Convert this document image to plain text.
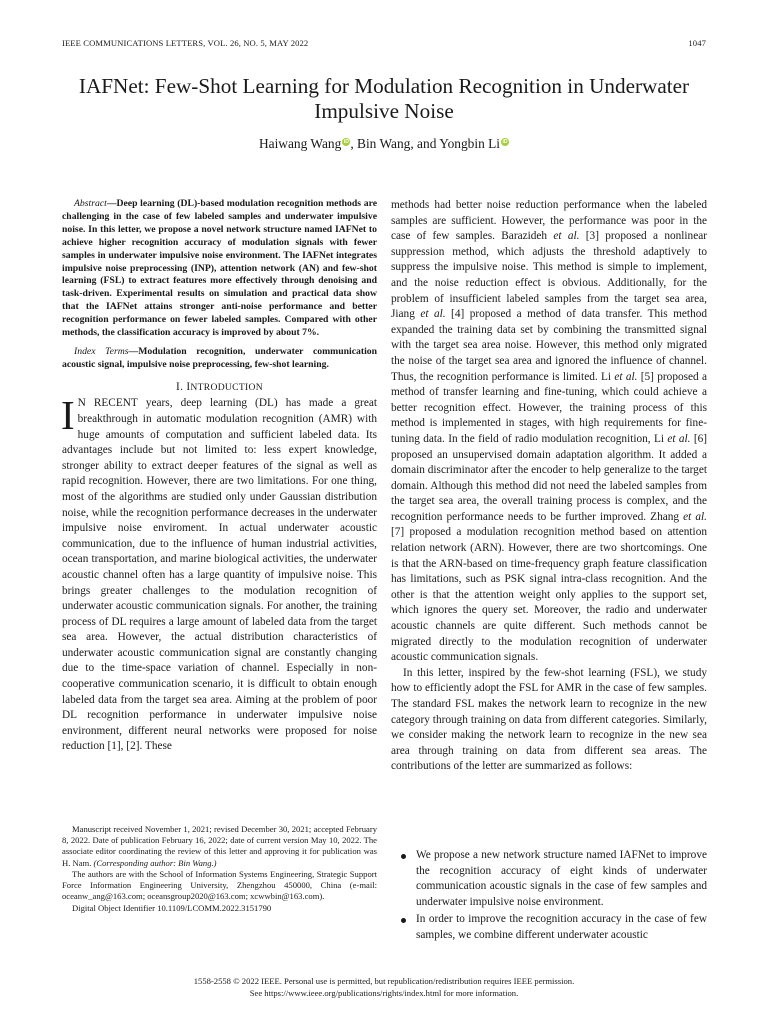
IEEE COMMUNICATIONS LETTERS, VOL. 26, NO. 5, MAY 2022	1047
IAFNet: Few-Shot Learning for Modulation Recognition in Underwater
Impulsive Noise
Haiwang Wang iD , Bin Wang, and Yongbin Li iD
Abstract—Deep learning (DL)-based modulation recognition methods are challenging in the case of few labeled samples and underwater impulsive noise. In this letter, we propose a novel network structure named IAFNet to achieve higher recognition accuracy of modulation signals with fewer samples in underwater impulsive noise environment. The IAFNet integrates impulsive noise preprocessing (INP), attention network (AN) and few-shot learning (FSL) to extract features more effectively through denoising and task-driven. Experimental results on simulation and practical data show that the IAFNet attains stronger anti-noise performance and better recognition performance on fewer labeled samples. Compared with other methods, the classification accuracy is improved by about 7%.
Index Terms—Modulation recognition, underwater communication acoustic signal, impulsive noise preprocessing, few-shot learning.
I. INTRODUCTION
I N RECENT years, deep learning (DL) has made a great breakthrough in automatic modulation recognition (AMR) with huge amounts of computation and sufficient labeled data. Its advantages include but not limited to: less expert knowledge, stronger ability to extract deeper features of the signal as well as rapid recognition. However, there are two limitations. For one thing, most of the algorithms are studied only under Gaussian distribution noise, while the recognition performance decreases in the underwater impulsive noise enviroment. In actual underwater acoustic communication, due to the influence of human industrial activities, ocean transportation, and marine biological activities, the underwater acoustic channel often has a large quantity of impulsive noise. This brings greater challenges to the modulation recognition of underwater acoustic communication signals. For another, the training process of DL requires a large amount of labeled data from the target sea area. However, the actual distribution characteristics of underwater acoustic communication signal are constantly changing due to the time-space variation of channel. Especially in non-cooperative communication scenario, it is difficult to obtain enough labeled data from the target sea area. Aiming at the problem of poor DL recognition performance in underwater impulsive noise environment, different neural networks were proposed for noise reduction [1], [2]. These

Manuscript received November 1, 2021; revised December 30, 2021; accepted February 8, 2022. Date of publication February 16, 2022; date of current version May 10, 2022. The associate editor coordinating the review of this letter and approving it for publication was H. Nam. (Corresponding author: Bin Wang.)

The authors are with the School of Information Systems Engineering, Strategic Support Force Information Engineering University, Zhengzhou 450000, China (e-mail: oceanw_ang@163.com; oceansgroup2020@163.com; xcwwbin@163.com).

Digital Object Identifier 10.1109/LCOMM.2022.3151790

methods had better noise reduction performance when the labeled samples are sufficient. However, the performance was poor in the case of few samples. Barazideh et al. [3] proposed a nonlinear suppression method, which adjusts the threshold adaptively to suppress the impulsive noise. This method is simple to implement, and the noise reduction effect is obvious. Additionally, for the problem of insufficient labeled samples from the target sea area, Jiang et al. [4] proposed a method of data transfer. This method expanded the training data set by combining the transmitted signal with the target sea area noise. However, this method only migrated the noise of the target sea area and ignored the influence of channel. Thus, the recognition performance is limited. Li et al. [5] proposed a method of transfer learning and fine-tuning, which could achieve a better recognition effect. However, the training process of this method is implemented in stages, with high requirements for fine-tuning data. In the field of radio modulation recognition, Li et al. [6] proposed an unsupervised domain adaptation algorithm. It added a domain discriminator after the encoder to help generalize to the target domain. Although this method did not need the labeled samples from the target sea area, the overall training process is complex, and the recognition performance needs to be further improved. Zhang et al. [7] proposed a modulation recognition method based on attention relation network (ARN). However, there are two shortcomings. One is that the ARN-based on time-frequency graph feature classification has limitations, such as PSK signal intra-class recognition. And the other is that the attention weight only applies to the support set, which ignores the query set. Moreover, the radio and underwater acoustic channels are quite different. Such methods cannot be migrated directly to the modulation recognition of underwater acoustic communication signals.

In this letter, inspired by the few-shot learning (FSL), we study how to efficiently adopt the FSL for AMR in the case of few samples. The standard FSL makes the network learn to recognize in the new category through training on data from different categories. Similarly, we consider making the network learn to recognize in the new sea area through training on data from different sea areas. The contributions of the letter are summarized as follows:

We propose a new network structure named IAFNet to improve the recognition accuracy of eight kinds of underwater communication acoustic signals in the case of few samples and underwater impulsive noise environment.
In order to improve the recognition accuracy in the case of few samples, we combine different underwater acoustic
1558-2558 © 2022 IEEE. Personal use is permitted, but republication/redistribution requires IEEE permission.
See https://www.ieee.org/publications/rights/index.html for more information.
